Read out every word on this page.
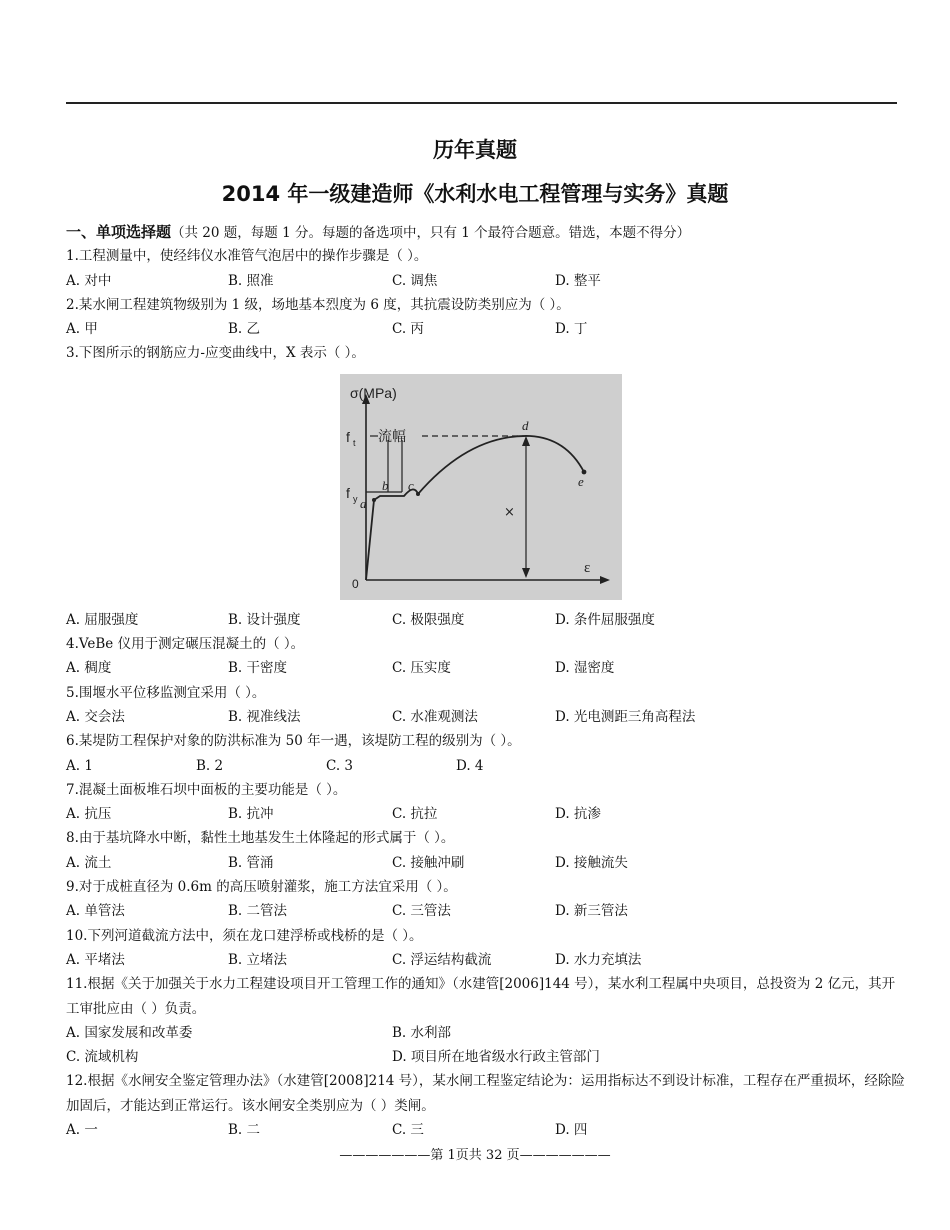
历年真题
2014 年一级建造师《水利水电工程管理与实务》真题
一、单项选择题（共 20 题，每题 1 分。每题的备选项中，只有 1 个最符合题意。错选，本题不得分）
1.工程测量中，使经纬仪水准管气泡居中的操作步骤是（ ）。
A. 对中	B. 照准	C. 调焦	D. 整平
2.某水闸工程建筑物级别为 1 级，场地基本烈度为 6 度，其抗震设防类别应为（ ）。
A. 甲	B. 乙	C. 丙	D. 丁
3.下图所示的钢筋应力-应变曲线中，X 表示（ ）。
σ(MPa)
ε
0
f t
f y
流幅
×
a
b c
d
e
A. 屈服强度	B. 设计强度	C. 极限强度	D. 条件屈服强度
4.VeBe 仪用于测定碾压混凝土的（ ）。
A. 稠度	B. 干密度	C. 压实度	D. 湿密度
5.围堰水平位移监测宜采用（ ）。
A. 交会法	B. 视准线法	C. 水准观测法	D. 光电测距三角高程法
6.某堤防工程保护对象的防洪标准为 50 年一遇，该堤防工程的级别为（ ）。
A. 1	B. 2	C. 3	D. 4
7.混凝土面板堆石坝中面板的主要功能是（ ）。
A. 抗压	B. 抗冲	C. 抗拉	D. 抗渗
8.由于基坑降水中断，黏性土地基发生土体隆起的形式属于（ ）。
A. 流土	B. 管涌	C. 接触冲刷	D. 接触流失
9.对于成桩直径为 0.6m 的高压喷射灌浆，施工方法宜采用（ ）。
A. 单管法	B. 二管法	C. 三管法	D. 新三管法
10.下列河道截流方法中，须在龙口建浮桥或栈桥的是（ ）。
A. 平堵法	B. 立堵法	C. 浮运结构截流	D. 水力充填法
11.根据《关于加强关于水力工程建设项目开工管理工作的通知》（水建管[2006]144 号），某水利工程属中央项目，总投资为 2 亿元，其开工审批应由（ ）负责。
A. 国家发展和改革委	B. 水利部
C. 流域机构	D. 项目所在地省级水行政主管部门
12.根据《水闸安全鉴定管理办法》（水建管[2008]214 号），某水闸工程鉴定结论为：运用指标达不到设计标准，工程存在严重损坏，经除险加固后，才能达到正常运行。该水闸安全类别应为（ ）类闸。
A. 一	B. 二	C. 三	D. 四
———————第 1页共 32 页———————
